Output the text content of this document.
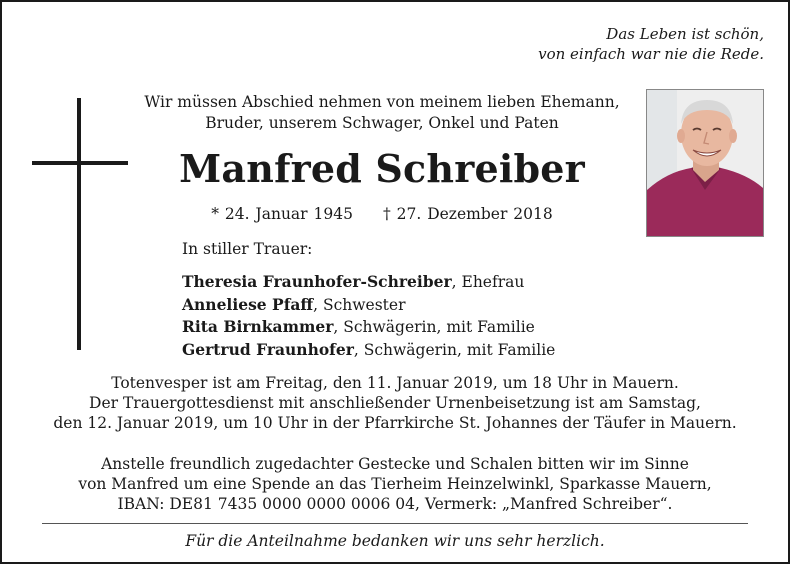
Das Leben ist schön,
von einfach war nie die Rede.
Wir müssen Abschied nehmen von meinem lieben Ehemann,
Bruder, unserem Schwager, Onkel und Paten
Manfred Schreiber
* 24. Januar 1945 † 27. Dezember 2018
In stiller Trauer:
Theresia Fraunhofer-Schreiber, Ehefrau
Anneliese Pfaff, Schwester
Rita Birnkammer, Schwägerin, mit Familie
Gertrud Fraunhofer, Schwägerin, mit Familie
Totenvesper ist am Freitag, den 11. Januar 2019, um 18 Uhr in Mauern.
Der Trauergottesdienst mit anschließender Urnenbeisetzung ist am Samstag,
den 12. Januar 2019, um 10 Uhr in der Pfarrkirche St. Johannes der Täufer in Mauern.
Anstelle freundlich zugedachter Gestecke und Schalen bitten wir im Sinne
von Manfred um eine Spende an das Tierheim Heinzelwinkl, Sparkasse Mauern,
IBAN: DE81 7435 0000 0000 0006 04, Vermerk: „Manfred Schreiber“.
Für die Anteilnahme bedanken wir uns sehr herzlich.
